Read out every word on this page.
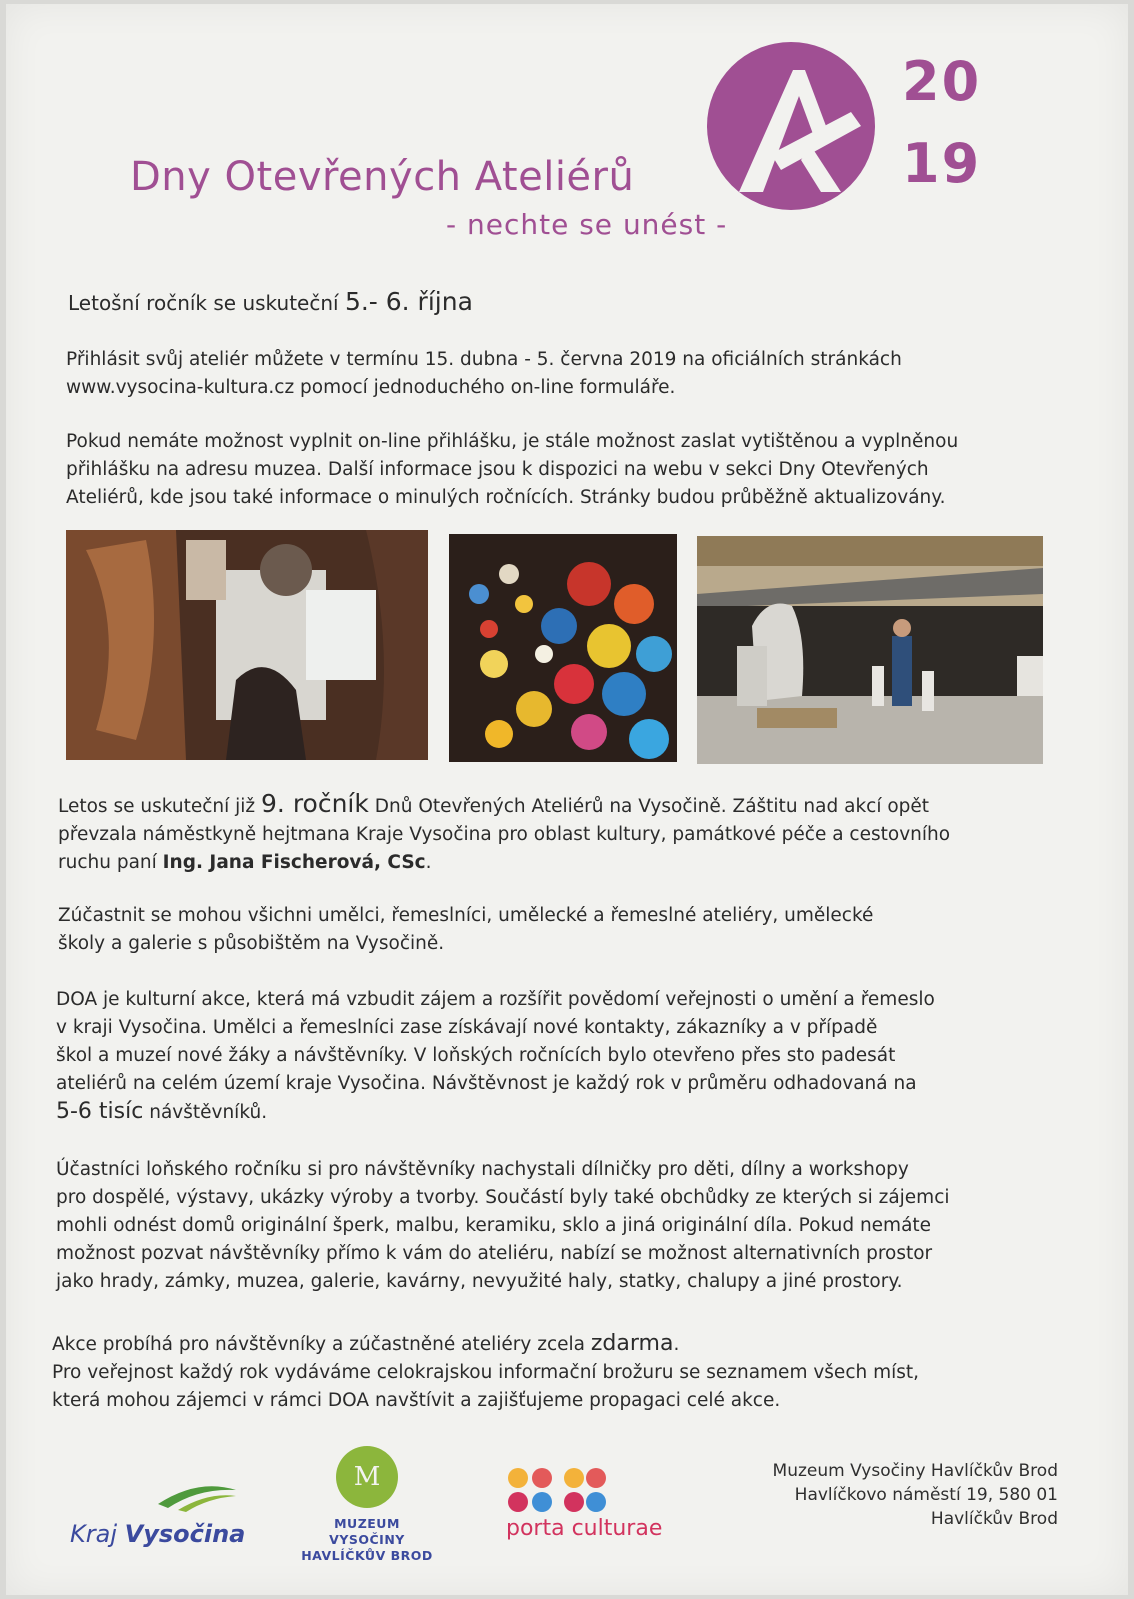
Dny Otevřených Ateliérů
- nechte se unést -
20
19
Letošní ročník se uskuteční 5.- 6. října
Přihlásit svůj ateliér můžete v termínu 15. dubna - 5. června 2019 na oficiálních stránkách
www.vysocina-kultura.cz pomocí jednoduchého on-line formuláře.
Pokud nemáte možnost vyplnit on-line přihlášku, je stále možnost zaslat vytištěnou a vyplněnou
přihlášku na adresu muzea. Další informace jsou k dispozici na webu v sekci Dny Otevřených
Ateliérů, kde jsou také informace o minulých ročnících. Stránky budou průběžně aktualizovány.
Letos se uskuteční již 9. ročník Dnů Otevřených Ateliérů na Vysočině. Záštitu nad akcí opět
převzala náměstkyně hejtmana Kraje Vysočina pro oblast kultury, památkové péče a cestovního
ruchu paní Ing. Jana Fischerová, CSc.
Zúčastnit se mohou všichni umělci, řemeslníci, umělecké a řemeslné ateliéry, umělecké
školy a galerie s působištěm na Vysočině.
DOA je kulturní akce, která má vzbudit zájem a rozšířit povědomí veřejnosti o umění a řemeslo
v kraji Vysočina. Umělci a řemeslníci zase získávají nové kontakty, zákazníky a v případě
škol a muzeí nové žáky a návštěvníky. V loňských ročnících bylo otevřeno přes sto padesát
ateliérů na celém území kraje Vysočina. Návštěvnost je každý rok v průměru odhadovaná na
5-6 tisíc návštěvníků.
Účastníci loňského ročníku si pro návštěvníky nachystali dílničky pro děti, dílny a workshopy
pro dospělé, výstavy, ukázky výroby a tvorby. Součástí byly také obchůdky ze kterých si zájemci
mohli odnést domů originální šperk, malbu, keramiku, sklo a jiná originální díla. Pokud nemáte
možnost pozvat návštěvníky přímo k vám do ateliéru, nabízí se možnost alternativních prostor
jako hrady, zámky, muzea, galerie, kavárny, nevyužité haly, statky, chalupy a jiné prostory.
Akce probíhá pro návštěvníky a zúčastněné ateliéry zcela zdarma.
Pro veřejnost každý rok vydáváme celokrajskou informační brožuru se seznamem všech míst,
která mohou zájemci v rámci DOA navštívit a zajišťujeme propagaci celé akce.
Kraj Vysočina
M
MUZEUM VYSOČINY
HAVLÍČKŮV BROD
porta culturae
Muzeum Vysočiny Havlíčkův Brod
Havlíčkovo náměstí 19, 580 01
Havlíčkův Brod
